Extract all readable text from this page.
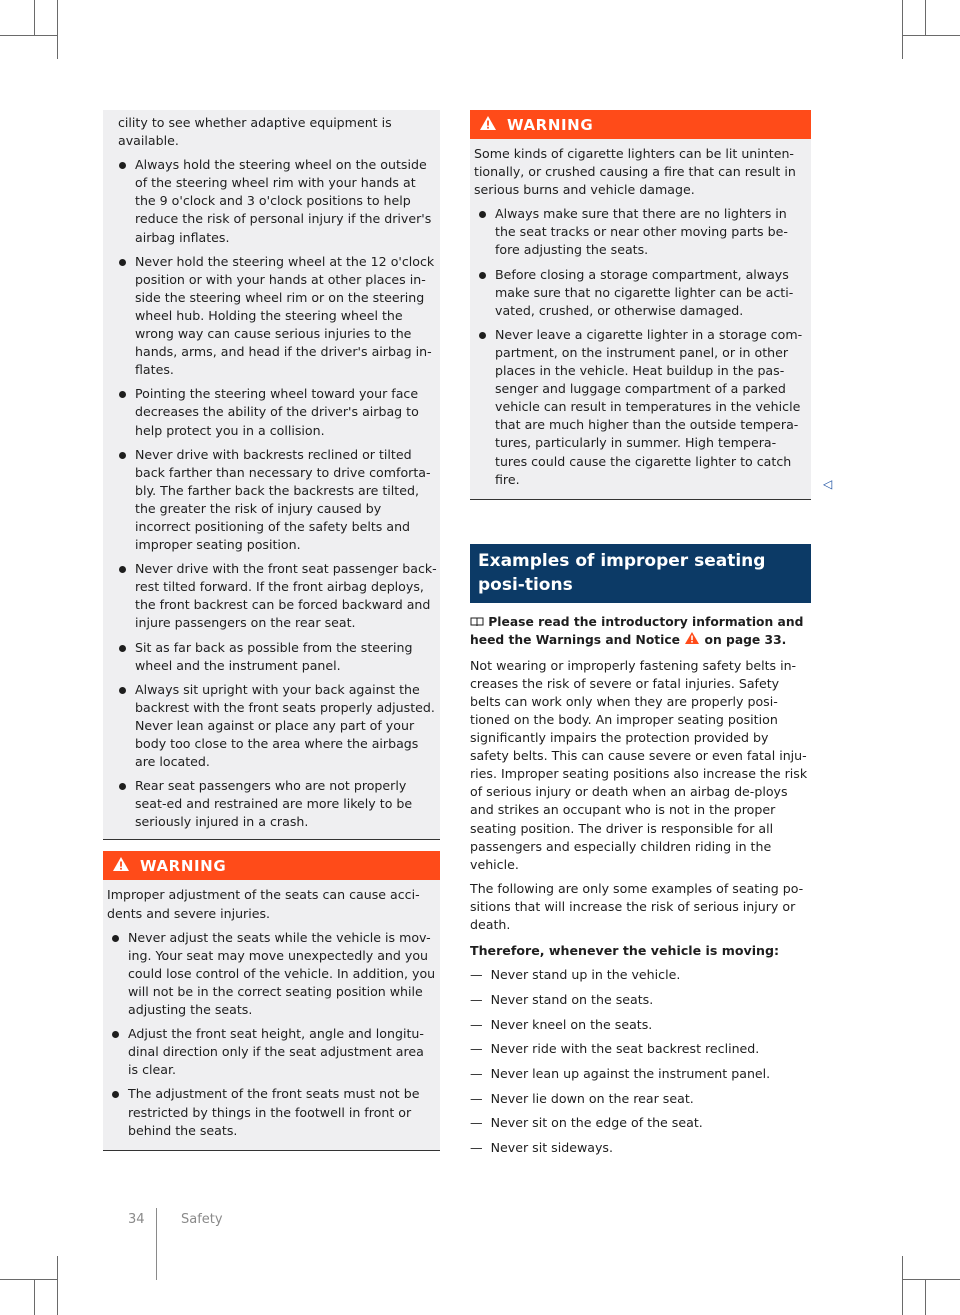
cility to see whether adaptive equipment is available.

Always hold the steering wheel on the outside of the steering wheel rim with your hands at the 9 o'clock and 3 o'clock positions to help reduce the risk of personal injury if the driver's airbag inflates.
Never hold the steering wheel at the 12 o'clock position or with your hands at other places in-side the steering wheel rim or on the steering wheel hub. Holding the steering wheel the wrong way can cause serious injuries to the hands, arms, and head if the driver's airbag in-flates.
Pointing the steering wheel toward your face decreases the ability of the driver's airbag to help protect you in a collision.
Never drive with backrests reclined or tilted back farther than necessary to drive comforta-bly. The farther back the backrests are tilted, the greater the risk of injury caused by incorrect positioning of the safety belts and improper seating position.
Never drive with the front seat passenger back-rest tilted forward. If the front airbag deploys, the front backrest can be forced backward and injure passengers on the rear seat.
Sit as far back as possible from the steering wheel and the instrument panel.
Always sit upright with your back against the backrest with the front seats properly adjusted. Never lean against or place any part of your body too close to the area where the airbags are located.
Rear seat passengers who are not properly seat-ed and restrained are more likely to be seriously injured in a crash.
WARNING

Improper adjustment of the seats can cause acci-dents and severe injuries.

Never adjust the seats while the vehicle is mov-ing. Your seat may move unexpectedly and you could lose control of the vehicle. In addition, you will not be in the correct seating position while adjusting the seats.
Adjust the front seat height, angle and longitu-dinal direction only if the seat adjustment area is clear.
The adjustment of the front seats must not be restricted by things in the footwell in front or behind the seats.
WARNING

Some kinds of cigarette lighters can be lit uninten-tionally, or crushed causing a fire that can result in serious burns and vehicle damage.

Always make sure that there are no lighters in the seat tracks or near other moving parts be-fore adjusting the seats.
Before closing a storage compartment, always make sure that no cigarette lighter can be acti-vated, crushed, or otherwise damaged.
Never leave a cigarette lighter in a storage com-partment, on the instrument panel, or in other places in the vehicle. Heat buildup in the pas-senger and luggage compartment of a parked vehicle can result in temperatures in the vehicle that are much higher than the outside tempera-tures, particularly in summer. High tempera-tures could cause the cigarette lighter to catch fire.
Examples of improper seating posi-tions

Please read the introductory information and heed the Warnings and Notice on page 33.

Not wearing or improperly fastening safety belts in-creases the risk of severe or fatal injuries. Safety belts can work only when they are properly posi-tioned on the body. An improper seating position significantly impairs the protection provided by safety belts. This can cause severe or even fatal inju-ries. Improper seating positions also increase the risk of serious injury or death when an airbag de-ploys and strikes an occupant who is not in the proper seating position. The driver is responsible for all passengers and especially children riding in the vehicle.

The following are only some examples of seating po-sitions that will increase the risk of serious injury or death.

Therefore, whenever the vehicle is moving:

— Never stand up in the vehicle.
— Never stand on the seats.
— Never kneel on the seats.
— Never ride with the seat backrest reclined.
— Never lean up against the instrument panel.
— Never lie down on the rear seat.
— Never sit on the edge of the seat.
— Never sit sideways.
◁
34	Safety
